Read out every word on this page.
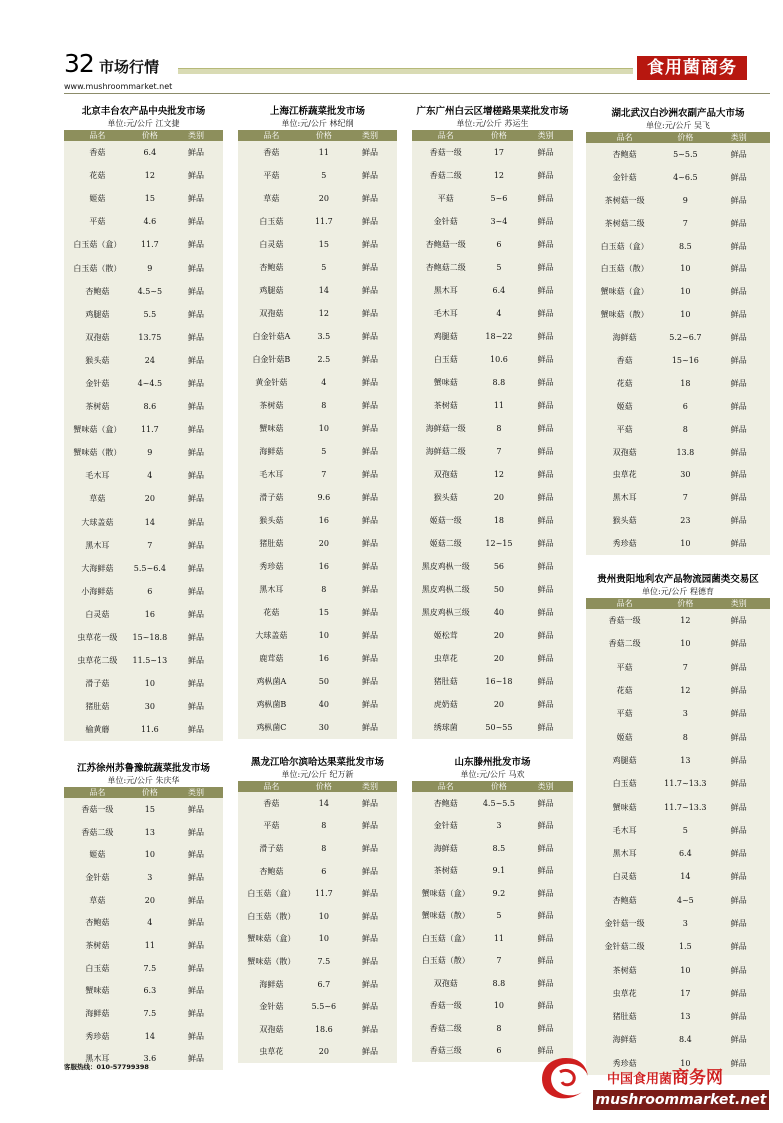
32 市场行情	食用菌商务
www.mushroommarket.net
北京丰台农产品中央批发市场
单位:元/公斤 江文捷
品名	价格	类别
香菇	6.4	鲜品
花菇	12	鲜品
姬菇	15	鲜品
平菇	4.6	鲜品
白玉菇（盒）	11.7	鲜品
白玉菇（散）	9	鲜品
杏鲍菇	4.5~5	鲜品
鸡腿菇	5.5	鲜品
双孢菇	13.75	鲜品
猴头菇	24	鲜品
金针菇	4~4.5	鲜品
茶树菇	8.6	鲜品
蟹味菇（盒）	11.7	鲜品
蟹味菇（散）	9	鲜品
毛木耳	4	鲜品
草菇	20	鲜品
大球盖菇	14	鲜品
黑木耳	7	鲜品
大海鲜菇	5.5~6.4	鲜品
小海鲜菇	6	鲜品
白灵菇	16	鲜品
虫草花一级	15~18.8	鲜品
虫草花二级	11.5~13	鲜品
滑子菇	10	鲜品
猪肚菇	30	鲜品
榆黄蘑	11.6	鲜品
江苏徐州苏鲁豫皖蔬菜批发市场
单位:元/公斤 朱庆华
品名	价格	类别
香菇一级	15	鲜品
香菇二级	13	鲜品
姬菇	10	鲜品
金针菇	3	鲜品
草菇	20	鲜品
杏鲍菇	4	鲜品
茶树菇	11	鲜品
白玉菇	7.5	鲜品
蟹味菇	6.3	鲜品
海鲜菇	7.5	鲜品
秀珍菇	14	鲜品
黑木耳	3.6	鲜品
上海江桥蔬菜批发市场
单位:元/公斤 林纪纲
品名	价格	类别
香菇	11	鲜品
平菇	5	鲜品
草菇	20	鲜品
白玉菇	11.7	鲜品
白灵菇	15	鲜品
杏鲍菇	5	鲜品
鸡腿菇	14	鲜品
双孢菇	12	鲜品
白金针菇A	3.5	鲜品
白金针菇B	2.5	鲜品
黄金针菇	4	鲜品
茶树菇	8	鲜品
蟹味菇	10	鲜品
海鲜菇	5	鲜品
毛木耳	7	鲜品
滑子菇	9.6	鲜品
猴头菇	16	鲜品
猪肚菇	20	鲜品
秀珍菇	16	鲜品
黑木耳	8	鲜品
花菇	15	鲜品
大球盖菇	10	鲜品
鹿茸菇	16	鲜品
鸡枞菌A	50	鲜品
鸡枞菌B	40	鲜品
鸡枞菌C	30	鲜品
黑龙江哈尔滨哈达果菜批发市场
单位:元/公斤 纪万新
品名	价格	类别
香菇	14	鲜品
平菇	8	鲜品
滑子菇	8	鲜品
杏鲍菇	6	鲜品
白玉菇（盒）	11.7	鲜品
白玉菇（散）	10	鲜品
蟹味菇（盒）	10	鲜品
蟹味菇（散）	7.5	鲜品
海鲜菇	6.7	鲜品
金针菇	5.5~6	鲜品
双孢菇	18.6	鲜品
虫草花	20	鲜品
广东广州白云区增槎路果菜批发市场
单位:元/公斤 苏运生
品名	价格	类别
香菇一级	17	鲜品
香菇二级	12	鲜品
平菇	5~6	鲜品
金针菇	3~4	鲜品
杏鲍菇一级	6	鲜品
杏鲍菇二级	5	鲜品
黑木耳	6.4	鲜品
毛木耳	4	鲜品
鸡腿菇	18~22	鲜品
白玉菇	10.6	鲜品
蟹味菇	8.8	鲜品
茶树菇	11	鲜品
海鲜菇一级	8	鲜品
海鲜菇二级	7	鲜品
双孢菇	12	鲜品
猴头菇	20	鲜品
姬菇一级	18	鲜品
姬菇二级	12~15	鲜品
黑皮鸡枞一级	56	鲜品
黑皮鸡枞二级	50	鲜品
黑皮鸡枞三级	40	鲜品
姬松茸	20	鲜品
虫草花	20	鲜品
猪肚菇	16~18	鲜品
虎奶菇	20	鲜品
绣球菌	50~55	鲜品
山东滕州批发市场
单位:元/公斤 马欢
品名	价格	类别
杏鲍菇	4.5~5.5	鲜品
金针菇	3	鲜品
海鲜菇	8.5	鲜品
茶树菇	9.1	鲜品
蟹味菇（盒）	9.2	鲜品
蟹味菇（散）	5	鲜品
白玉菇（盒）	11	鲜品
白玉菇（散）	7	鲜品
双孢菇	8.8	鲜品
香菇一级	10	鲜品
香菇二级	8	鲜品
香菇三级	6	鲜品
湖北武汉白沙洲农副产品大市场
单位:元/公斤 吴飞
品名	价格	类别
杏鲍菇	5~5.5	鲜品
金针菇	4~6.5	鲜品
茶树菇一级	9	鲜品
茶树菇二级	7	鲜品
白玉菇（盒）	8.5	鲜品
白玉菇（散）	10	鲜品
蟹味菇（盒）	10	鲜品
蟹味菇（散）	10	鲜品
海鲜菇	5.2~6.7	鲜品
香菇	15~16	鲜品
花菇	18	鲜品
姬菇	6	鲜品
平菇	8	鲜品
双孢菇	13.8	鲜品
虫草花	30	鲜品
黑木耳	7	鲜品
猴头菇	23	鲜品
秀珍菇	10	鲜品
贵州贵阳地利农产品物流园菌类交易区
单位:元/公斤 程德育
品名	价格	类别
香菇一级	12	鲜品
香菇二级	10	鲜品
平菇	7	鲜品
花菇	12	鲜品
平菇	3	鲜品
姬菇	8	鲜品
鸡腿菇	13	鲜品
白玉菇	11.7~13.3	鲜品
蟹味菇	11.7~13.3	鲜品
毛木耳	5	鲜品
黑木耳	6.4	鲜品
白灵菇	14	鲜品
杏鲍菇	4~5	鲜品
金针菇一级	3	鲜品
金针菇二级	1.5	鲜品
茶树菇	10	鲜品
虫草花	17	鲜品
猪肚菇	13	鲜品
海鲜菇	8.4	鲜品
秀珍菇	10	鲜品
客服热线：010-57799398
中国食用菌商务网
mushroommarket.net
